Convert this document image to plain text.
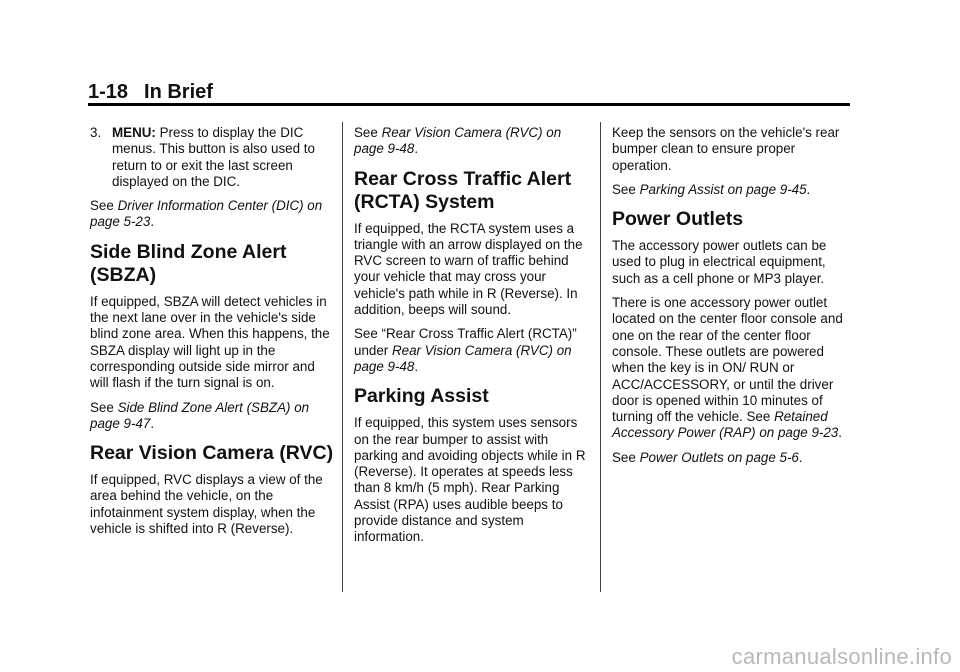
1-18 In Brief
3. MENU: Press to display the DIC menus. This button is also used to return to or exit the last screen displayed on the DIC.

See Driver Information Center (DIC) on page 5-23.

Side Blind Zone Alert (SBZA)

If equipped, SBZA will detect vehicles in the next lane over in the vehicle's side blind zone area. When this happens, the SBZA display will light up in the corresponding outside side mirror and will flash if the turn signal is on.

See Side Blind Zone Alert (SBZA) on page 9-47.

Rear Vision Camera (RVC)

If equipped, RVC displays a view of the area behind the vehicle, on the infotainment system display, when the vehicle is shifted into R (Reverse).

See Rear Vision Camera (RVC) on page 9-48.

Rear Cross Traffic Alert (RCTA) System

If equipped, the RCTA system uses a triangle with an arrow displayed on the RVC screen to warn of traffic behind your vehicle that may cross your vehicle's path while in R (Reverse). In addition, beeps will sound.

See “Rear Cross Traffic Alert (RCTA)” under Rear Vision Camera (RVC) on page 9-48.

Parking Assist

If equipped, this system uses sensors on the rear bumper to assist with parking and avoiding objects while in R (Reverse). It operates at speeds less than 8 km/h (5 mph). Rear Parking Assist (RPA) uses audible beeps to provide distance and system information.

Keep the sensors on the vehicle's rear bumper clean to ensure proper operation.

See Parking Assist on page 9-45.

Power Outlets

The accessory power outlets can be used to plug in electrical equipment, such as a cell phone or MP3 player.

There is one accessory power outlet located on the center floor console and one on the rear of the center floor console. These outlets are powered when the key is in ON/ RUN or ACC/ACCESSORY, or until the driver door is opened within 10 minutes of turning off the vehicle. See Retained Accessory Power (RAP) on page 9-23.

See Power Outlets on page 5-6.

carmanualsonline.info
